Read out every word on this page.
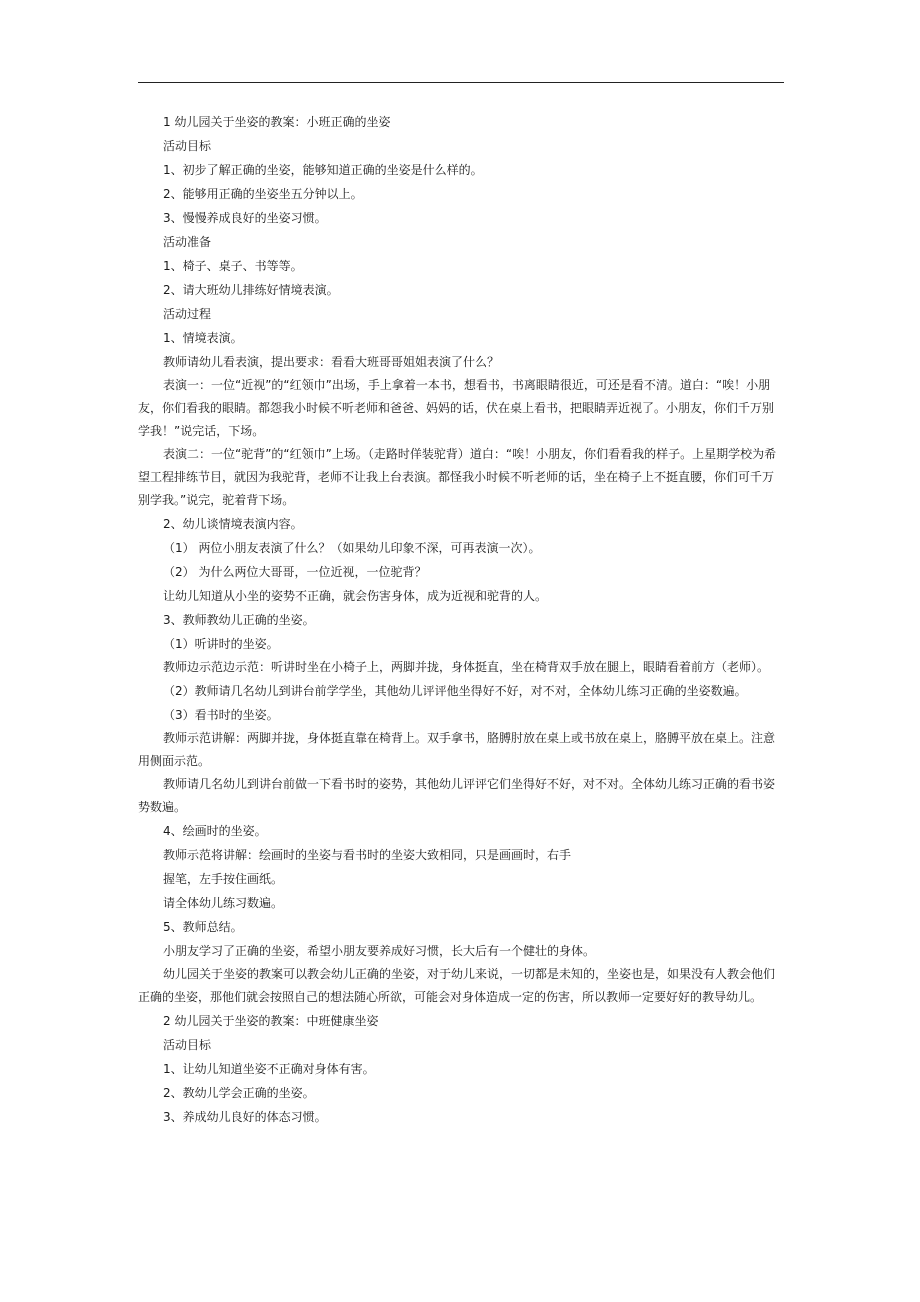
1 幼儿园关于坐姿的教案：小班正确的坐姿

活动目标

1、初步了解正确的坐姿，能够知道正确的坐姿是什么样的。

2、能够用正确的坐姿坐五分钟以上。

3、慢慢养成良好的坐姿习惯。

活动准备

1、椅子、桌子、书等等。

2、请大班幼儿排练好情境表演。

活动过程

1、情境表演。

教师请幼儿看表演，提出要求：看看大班哥哥姐姐表演了什么？

表演一：一位“近视”的“红领巾”出场，手上拿着一本书，想看书，书离眼睛很近，可还是看不清。道白：“唉！小朋友，你们看我的眼睛。都怨我小时候不听老师和爸爸、妈妈的话，伏在桌上看书，把眼睛弄近视了。小朋友，你们千万别学我！”说完话，下场。

表演二：一位“驼背”的“红领巾”上场。（走路时佯装驼背）道白：“唉！小朋友，你们看看我的样子。上星期学校为希望工程排练节目，就因为我驼背，老师不让我上台表演。都怪我小时候不听老师的话，坐在椅子上不挺直腰，你们可千万别学我。”说完，驼着背下场。

2、幼儿谈情境表演内容。

（1） 两位小朋友表演了什么？（如果幼儿印象不深，可再表演一次）。

（2） 为什么两位大哥哥，一位近视，一位驼背？

让幼儿知道从小坐的姿势不正确，就会伤害身体，成为近视和驼背的人。

3、教师教幼儿正确的坐姿。

（1）听讲时的坐姿。

教师边示范边示范：听讲时坐在小椅子上，两脚并拢，身体挺直，坐在椅背双手放在腿上，眼睛看着前方（老师）。

（2）教师请几名幼儿到讲台前学学坐，其他幼儿评评他坐得好不好，对不对，全体幼儿练习正确的坐姿数遍。

（3）看书时的坐姿。

教师示范讲解：两脚并拢，身体挺直靠在椅背上。双手拿书，胳膊肘放在桌上或书放在桌上，胳膊平放在桌上。注意用侧面示范。

教师请几名幼儿到讲台前做一下看书时的姿势，其他幼儿评评它们坐得好不好，对不对。全体幼儿练习正确的看书姿势数遍。

4、绘画时的坐姿。

教师示范将讲解：绘画时的坐姿与看书时的坐姿大致相同，只是画画时，右手

握笔，左手按住画纸。

请全体幼儿练习数遍。

5、教师总结。

小朋友学习了正确的坐姿，希望小朋友要养成好习惯，长大后有一个健壮的身体。

幼儿园关于坐姿的教案可以教会幼儿正确的坐姿，对于幼儿来说，一切都是未知的，坐姿也是，如果没有人教会他们正确的坐姿，那他们就会按照自己的想法随心所欲，可能会对身体造成一定的伤害，所以教师一定要好好的教导幼儿。

2 幼儿园关于坐姿的教案：中班健康坐姿

活动目标

1、让幼儿知道坐姿不正确对身体有害。

2、教幼儿学会正确的坐姿。

3、养成幼儿良好的体态习惯。
